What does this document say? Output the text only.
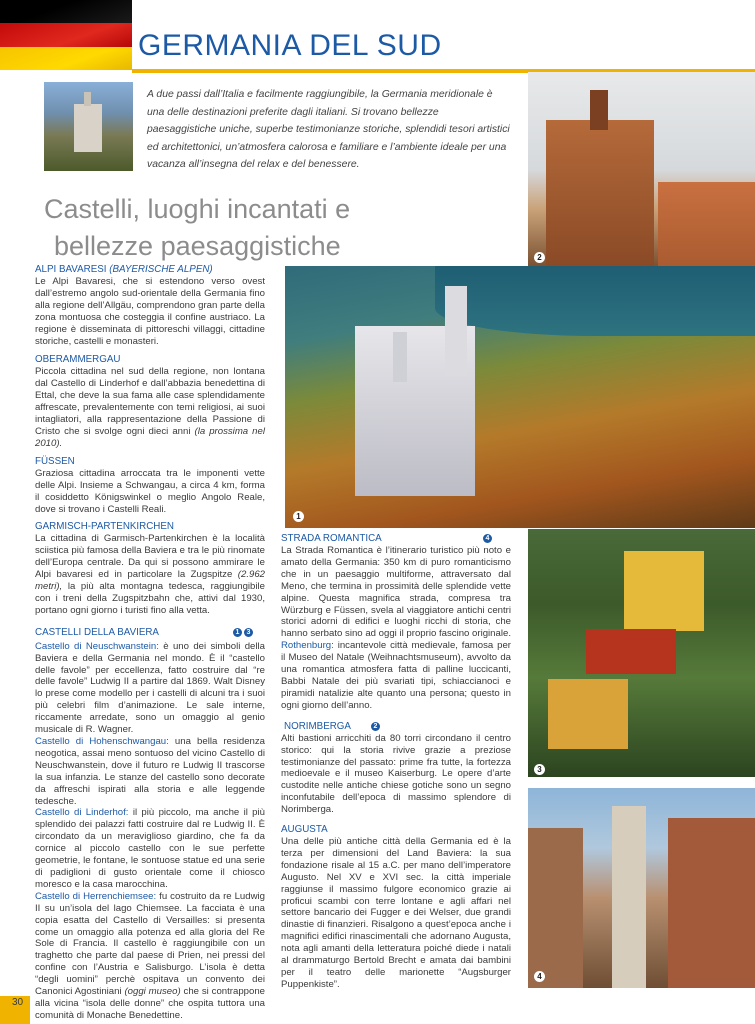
GERMANIA DEL SUD
A due passi dall’Italia e facilmente raggiungibile, la Germania meridionale è una delle destinazioni preferite dagli italiani. Si trovano bellezze paesaggistiche uniche, superbe testimonianze storiche, splendidi tesori artistici ed architettonici, un’atmosfera calorosa e familiare e l’ambiente ideale per una vacanza all’insegna del relax e del benessere.
2
Castelli, luoghi incantati e
bellezze paesaggistiche
1
3
4
ALPI BAVARESI (BAYERISCHE ALPEN)
Le Alpi Bavaresi, che si estendono verso ovest dall’estremo angolo sud-orientale della Germania fino alla regione dell’Allgäu, comprendono gran parte della zona montuosa che costeggia il confine austriaco. La regione è disseminata di pittoreschi villaggi, cittadine storiche, castelli e monasteri.
OBERAMMERGAU
Piccola cittadina nel sud della regione, non lontana dal Castello di Linderhof e dall’abbazia benedettina di Ettal, che deve la sua fama alle case splendidamente affrescate, prevalentemente con temi religiosi, ai suoi intagliatori, alla rappresentazione della Passione di Cristo che si svolge ogni dieci anni (la prossima nel 2010).
FÜSSEN
Graziosa cittadina arroccata tra le imponenti vette delle Alpi. Insieme a Schwangau, a circa 4 km, forma il cosiddetto Königswinkel o meglio Angolo Reale, dove si trovano i Castelli Reali.
GARMISCH-PARTENKIRCHEN
La cittadina di Garmisch-Partenkirchen è la località sciistica più famosa della Baviera e tra le più rinomate dell’Europa centrale. Da qui si possono ammirare le Alpi bavaresi ed in particolare la Zugspitze (2.962 metri), la più alta montagna tedesca, raggiungibile con i treni della Zugspitzbahn che, attivi dal 1930, portano ogni giorno i turisti fino alla vetta.
CASTELLI DELLA BAVIERA	1 3
Castello di Neuschwanstein: è uno dei simboli della Baviera e della Germania nel mondo. È il “castello delle favole” per eccellenza, fatto costruire dal “re delle favole” Ludwig II a partire dal 1869. Walt Disney lo prese come modello per i castelli di alcuni tra i suoi più celebri film d’animazione. Le sale interne, riccamente arredate, sono un omaggio al genio musicale di R. Wagner.
Castello di Hohenschwangau: una bella residenza neogotica, assai meno sontuoso del vicino Castello di Neuschwanstein, dove il futuro re Ludwig II trascorse la sua infanzia. Le stanze del castello sono decorate da affreschi ispirati alla storia e alle leggende tedesche.
Castello di Linderhof: il più piccolo, ma anche il più splendido dei palazzi fatti costruire dal re Ludwig II. È circondato da un meraviglioso giardino, che fa da cornice al piccolo castello con le sue perfette geometrie, le fontane, le sontuose statue ed una serie di padiglioni di gusto orientale come il chiosco moresco e la casa marocchina.
Castello di Herrenchiemsee: fu costruito da re Ludwig II su un’isola del lago Chiemsee. La facciata è una copia esatta del Castello di Versailles: si presenta come un omaggio alla potenza ed alla gloria del Re Sole di Francia. Il castello è raggiungibile con un traghetto che parte dal paese di Prien, nei pressi del confine con l’Austria e Salisburgo. L’isola è detta “degli uomini” perchè ospitava un convento dei Canonici Agostiniani (oggi museo) che si contrappone alla vicina “isola delle donne” che ospita tuttora una comunità di Monache Benedettine.
STRADA ROMANTICA	4
La Strada Romantica è l’itinerario turistico più noto e amato della Germania: 350 km di puro romanticismo che in un paesaggio multiforme, attraversato dal Meno, che termina in prossimità delle splendide vette alpine. Questa magnifica strada, compresa tra Würzburg e Füssen, svela al viaggiatore antichi centri storici adorni di edifici e luoghi ricchi di storia, che hanno serbato sino ad oggi il proprio fascino originale. Rothenburg: incantevole città medievale, famosa per il Museo del Natale (Weihnachtsmuseum), avvolto da una romantica atmosfera fatta di palline luccicanti, Babbi Natale dei più svariati tipi, schiaccianoci e piramidi natalizie alte quanto una persona; questo in ogni giorno dell’anno.
NORIMBERGA	2
Alti bastioni arricchiti da 80 torri circondano il centro storico: qui la storia rivive grazie a preziose testimonianze del passato: prime fra tutte, la fortezza medioevale e il museo Kaiserburg. Le opere d’arte custodite nelle antiche chiese gotiche sono un segno inconfutabile dell’epoca di massimo splendore di Norimberga.
AUGUSTA
Una delle più antiche città della Germania ed è la terza per dimensioni del Land Baviera: la sua fondazione risale al 15 a.C. per mano dell’imperatore Augusto. Nel XV e XVI sec. la città imperiale raggiunse il massimo fulgore economico grazie ai proficui scambi con terre lontane e agli affari nel settore bancario dei Fugger e dei Welser, due grandi dinastie di finanzieri. Risalgono a quest’epoca anche i magnifici edifici rinascimentali che adornano Augusta, nota agli amanti della letteratura poiché diede i natali al drammaturgo Bertold Brecht e amata dai bambini per il teatro delle marionette “Augsburger Puppenkiste”.
30
